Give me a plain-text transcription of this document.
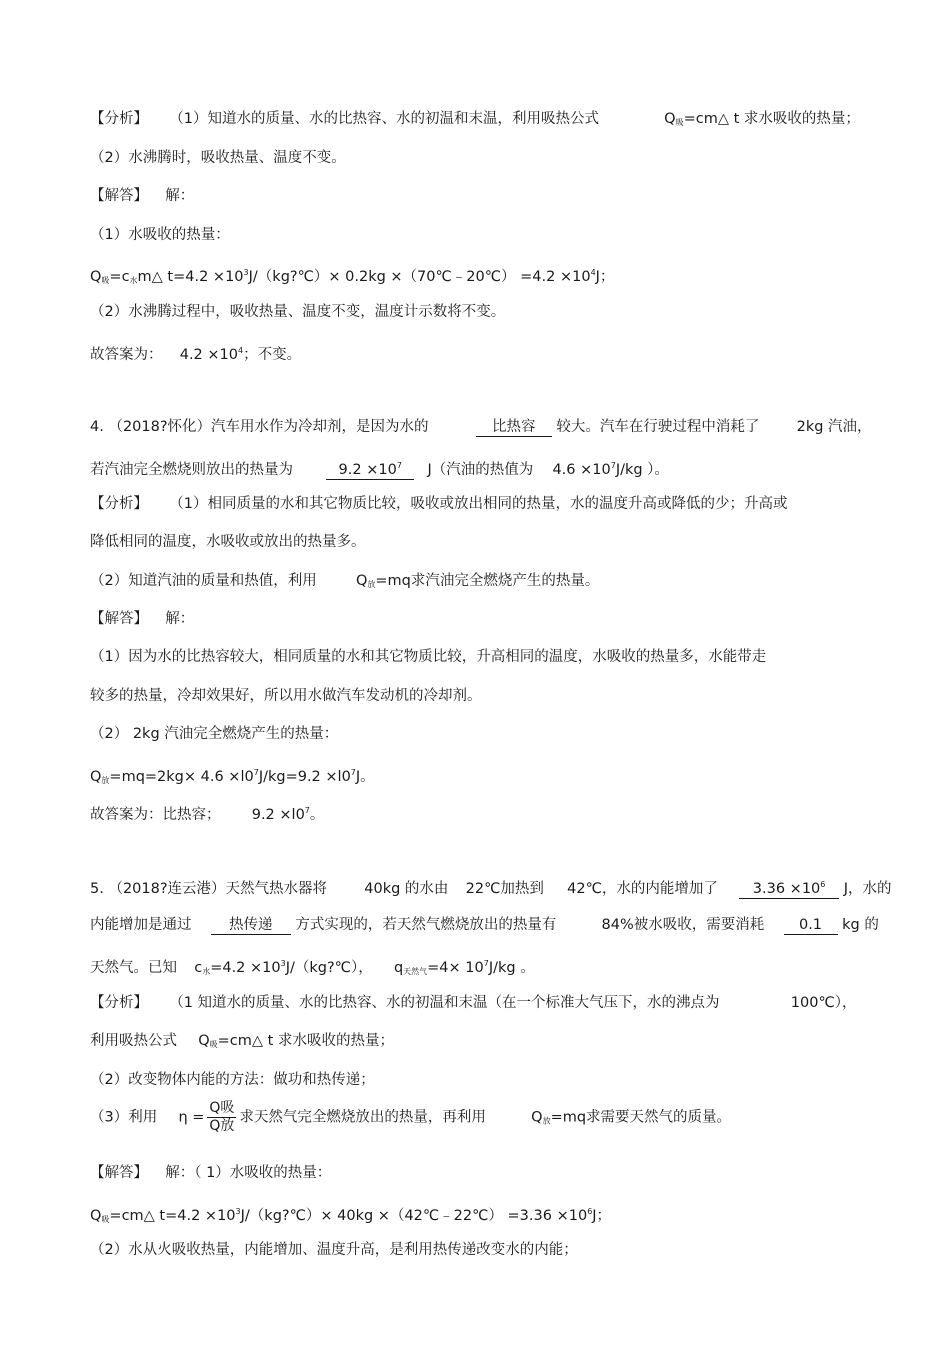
【分析】 （1）知道水的质量、水的比热容、水的初温和末温，利用吸热公式	$Q_吸=cm\triangle$ t 求水吸收的热量；
（2）水沸腾时，吸收热量、温度不变。
【解答】 解：
（1）水吸收的热量：
$Q_吸=c_水m\triangle$ $t=4.2 \times 10^3J/(kg?℃)\times 0.2kg$ ×（70℃﹣20℃） $=4.2 \times 10^4J$；
（2）水沸腾过程中，吸收热量、温度不变，温度计示数将不变。
故答案为： $4.2 \times 10^4$；不变。
4. （2018?怀化）汽车用水作为冷却剂，是因为水的	比热容 较大。汽车在行驶过程中消耗了	2kg 汽油，
若汽油完全燃烧则放出的热量为	$9.2 \times 10^7$ J（汽油的热值为 $4.6 \times 10^7J/kg$ ）。
【分析】 （1）相同质量的水和其它物质比较，吸收或放出相同的热量，水的温度升高或降低的少；升高或
降低相同的温度，水吸收或放出的热量多。
（2）知道汽油的质量和热值，利用	$Q_放=mq$求汽油完全燃烧产生的热量。
【解答】 解：
（1）因为水的比热容较大，相同质量的水和其它物质比较，升高相同的温度，水吸收的热量多，水能带走
较多的热量，冷却效果好，所以用水做汽车发动机的冷却剂。
（2） 2kg 汽油完全燃烧产生的热量：
$Q_放=mq=2kg\times 4.6 \times l0^7J/kg=9.2 \times l0^7J$。
故答案为：比热容； $9.2 \times l0^7$。
5. （2018?连云港）天然气热水器将	40kg 的水由 22℃加热到 42℃，水的内能增加了 $3.36 \times 10^6$ J，水的
内能增加是通过	热传递 方式实现的，若天然气燃烧放出的热量有	84%被水吸收，需要消耗 0.1 kg 的
天然气。已知 $c_水=4.2$ $\times 10^3J/(kg?℃)$， $q_{天然气}=4\times 10^7J/kg$ 。
【分析】 （1 知道水的质量、水的比热容、水的初温和末温（在一个标准大气压下，水的沸点为	100℃），
利用吸热公式 $Q_吸=cm\triangle$ t 求水吸收的热量；
（2）改变物体内能的方法：做功和热传递；
（3）利用 $\eta = \frac{\text{Q吸}}{\text{Q放}}$ 求天然气完全燃烧放出的热量，再利用	$Q_放=mq$求需要天然气的质量。
【解答】 解：（ 1）水吸收的热量：
$Q_吸=cm\triangle$ $t=4.2 \times 10^3J/(kg?℃)\times 40kg$ ×（42℃﹣22℃） $=3.36 \times 10^6J$；
（2）水从火吸收热量，内能增加、温度升高，是利用热传递改变水的内能；
